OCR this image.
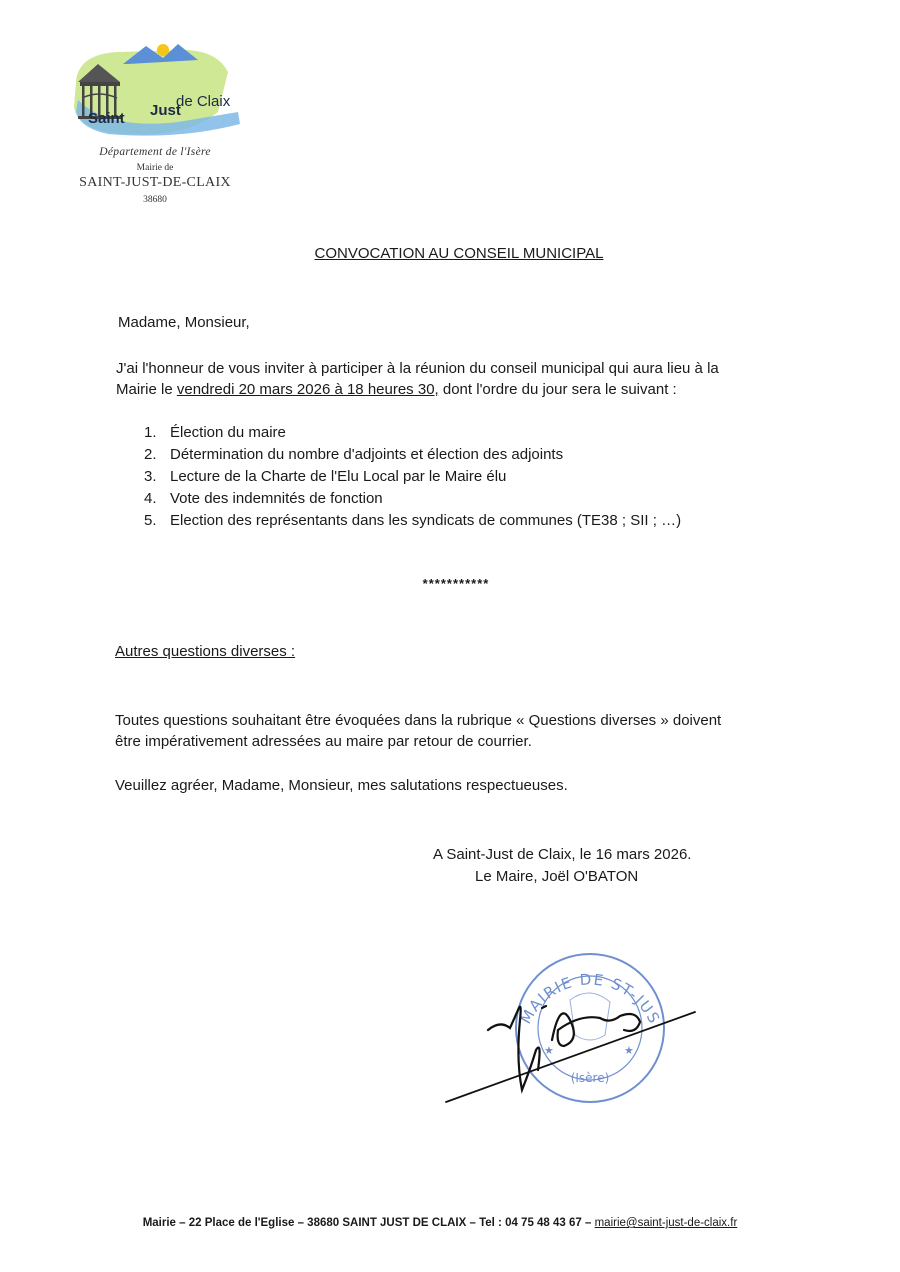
Saint Just
de Claix
Département de l'Isère
Mairie de
SAINT-JUST-DE-CLAIX
38680
CONVOCATION AU CONSEIL MUNICIPAL
Madame, Monsieur,
J'ai l'honneur de vous inviter à participer à la réunion du conseil municipal qui aura lieu à la
Mairie le vendredi 20 mars 2026 à 18 heures 30, dont l'ordre du jour sera le suivant :
1. Élection du maire
2. Détermination du nombre d'adjoints et élection des adjoints
3. Lecture de la Charte de l'Elu Local par le Maire élu
4. Vote des indemnités de fonction
5. Election des représentants dans les syndicats de communes (TE38 ; SII ; …)
***********
Autres questions diverses :
Toutes questions souhaitant être évoquées dans la rubrique « Questions diverses » doivent
être impérativement adressées au maire par retour de courrier.
Veuillez agréer, Madame, Monsieur, mes salutations respectueuses.
A Saint-Just de Claix, le 16 mars 2026.
Le Maire, Joël O'BATON
MAIRIE DE ST-JUS
(Isère)
★	★
Mairie – 22 Place de l'Eglise – 38680 SAINT JUST DE CLAIX – Tel : 04 75 48 43 67 – mairie@saint-just-de-claix.fr
